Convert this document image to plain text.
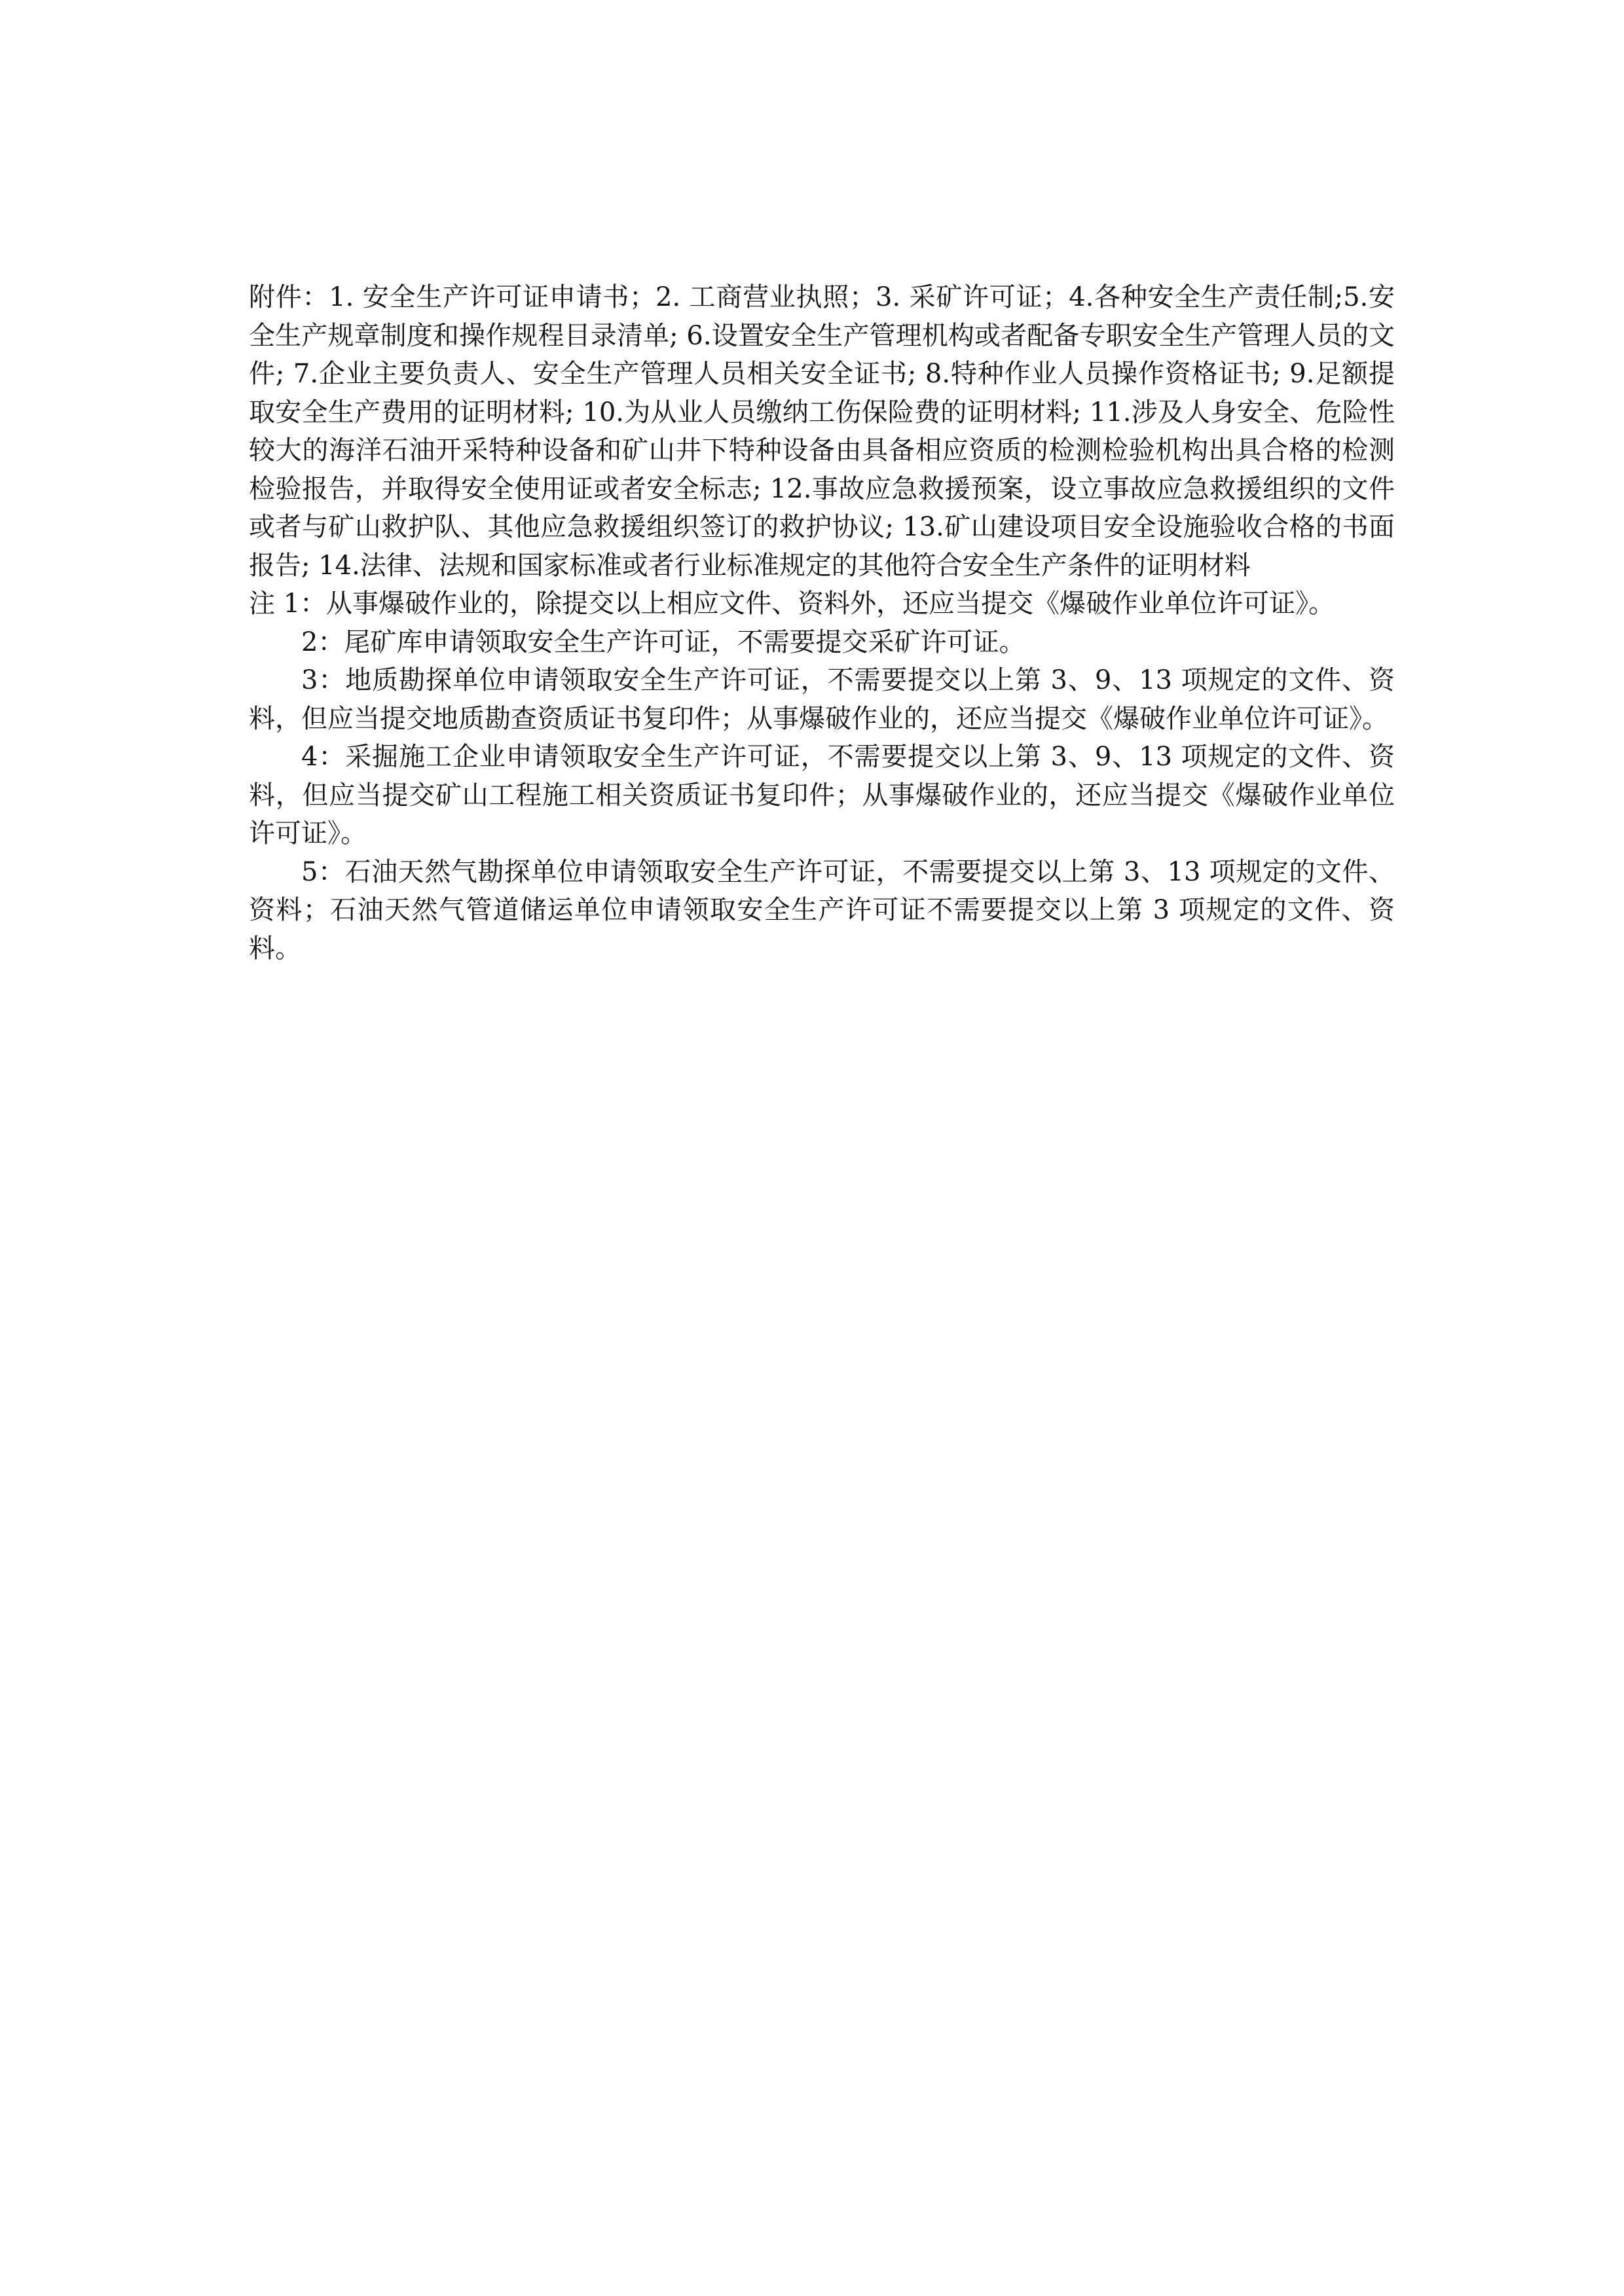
附件：1. 安全生产许可证申请书；2. 工商营业执照；3. 采矿许可证；4.各种安全生产责任制;5.安全生产规章制度和操作规程目录清单; 6.设置安全生产管理机构或者配备专职安全生产管理人员的文件; 7.企业主要负责人、安全生产管理人员相关安全证书; 8.特种作业人员操作资格证书; 9.足额提取安全生产费用的证明材料; 10.为从业人员缴纳工伤保险费的证明材料; 11.涉及人身安全、危险性较大的海洋石油开采特种设备和矿山井下特种设备由具备相应资质的检测检验机构出具合格的检测检验报告，并取得安全使用证或者安全标志; 12.事故应急救援预案，设立事故应急救援组织的文件或者与矿山救护队、其他应急救援组织签订的救护协议; 13.矿山建设项目安全设施验收合格的书面报告; 14.法律、法规和国家标准或者行业标准规定的其他符合安全生产条件的证明材料

注 1：从事爆破作业的，除提交以上相应文件、资料外，还应当提交《爆破作业单位许可证》。

2：尾矿库申请领取安全生产许可证，不需要提交采矿许可证。

3：地质勘探单位申请领取安全生产许可证，不需要提交以上第 3、9、13 项规定的文件、资料，但应当提交地质勘查资质证书复印件；从事爆破作业的，还应当提交《爆破作业单位许可证》。

4：采掘施工企业申请领取安全生产许可证，不需要提交以上第 3、9、13 项规定的文件、资料，但应当提交矿山工程施工相关资质证书复印件；从事爆破作业的，还应当提交《爆破作业单位许可证》。

5：石油天然气勘探单位申请领取安全生产许可证，不需要提交以上第 3、13 项规定的文件、资料；石油天然气管道储运单位申请领取安全生产许可证不需要提交以上第 3 项规定的文件、资料。
